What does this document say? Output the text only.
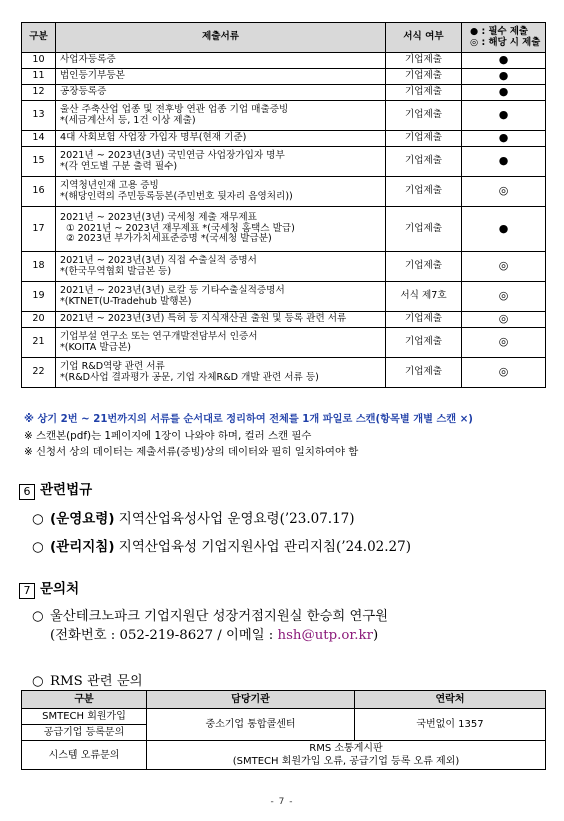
구분	제출서류	서식 여부	● : 필수 제출
◎ : 해당 시 제출

10	사업자등록증	기업제출	●
11	법인등기부등본	기업제출	●
12	공장등록증	기업제출	●
13	울산 주축산업 업종 및 전후방 연관 업종 기업 매출증빙
*(세금계산서 등, 1건 이상 제출)	기업제출	●
14	4대 사회보험 사업장 가입자 명부(현재 기준)	기업제출	●
15	2021년 ~ 2023년(3년) 국민연금 사업장가입자 명부
*(각 연도별 구분 출력 필수)	기업제출	●
16	지역청년인재 고용 증빙
*(해당인력의 주민등록등본(주민번호 뒷자리 음영처리))	기업제출	◎
17	2021년 ~ 2023년(3년) 국세청 제출 재무제표
① 2021년 ~ 2023년 재무제표 *(국세청 홈택스 발급)
② 2023년 부가가치세표준증명 *(국세청 발급분)	기업제출	●
18	2021년 ~ 2023년(3년) 직접 수출실적 증명서
*(한국무역협회 발급본 등)	기업제출	◎
19	2021년 ~ 2023년(3년) 로칼 등 기타수출실적증명서
*(KTNET(U-Tradehub 발행본)	서식 제7호	◎
20	2021년 ~ 2023년(3년) 특허 등 지식재산권 출원 및 등록 관련 서류	기업제출	◎
21	기업부설 연구소 또는 연구개발전담부서 인증서
*(KOITA 발급본)	기업제출	◎
22	기업 R&D역량 관련 서류
*(R&D사업 결과평가 공문, 기업 자체R&D 개발 관련 서류 등)	기업제출	◎
※ 상기 2번 ~ 21번까지의 서류를 순서대로 정리하여 전체를 1개 파일로 스캔(항목별 개별 스캔 ×)
※ 스캔본(pdf)는 1페이지에 1장이 나와야 하며, 컬러 스캔 필수
※ 신청서 상의 데이터는 제출서류(증빙)상의 데이터와 필히 일치하여야 함
6 관련법규
○ (운영요령) 지역산업육성사업 운영요령(’23.07.17)
○ (관리지침) 지역산업육성 기업지원사업 관리지침(’24.02.27)
7 문의처
○ 울산테크노파크 기업지원단 성장거점지원실 한승희 연구원
(전화번호 : 052-219-8627 / 이메일 : hsh@utp.or.kr)
○ RMS 관련 문의
구분	담당기관	연락처
SMTECH 회원가입	중소기업 통합콜센터	국번없이 1357
공급기업 등록문의		
시스템 오류문의	RMS 소통게시판
(SMTECH 회원가입 오류, 공급기업 등록 오류 제외)	
- 7 -
